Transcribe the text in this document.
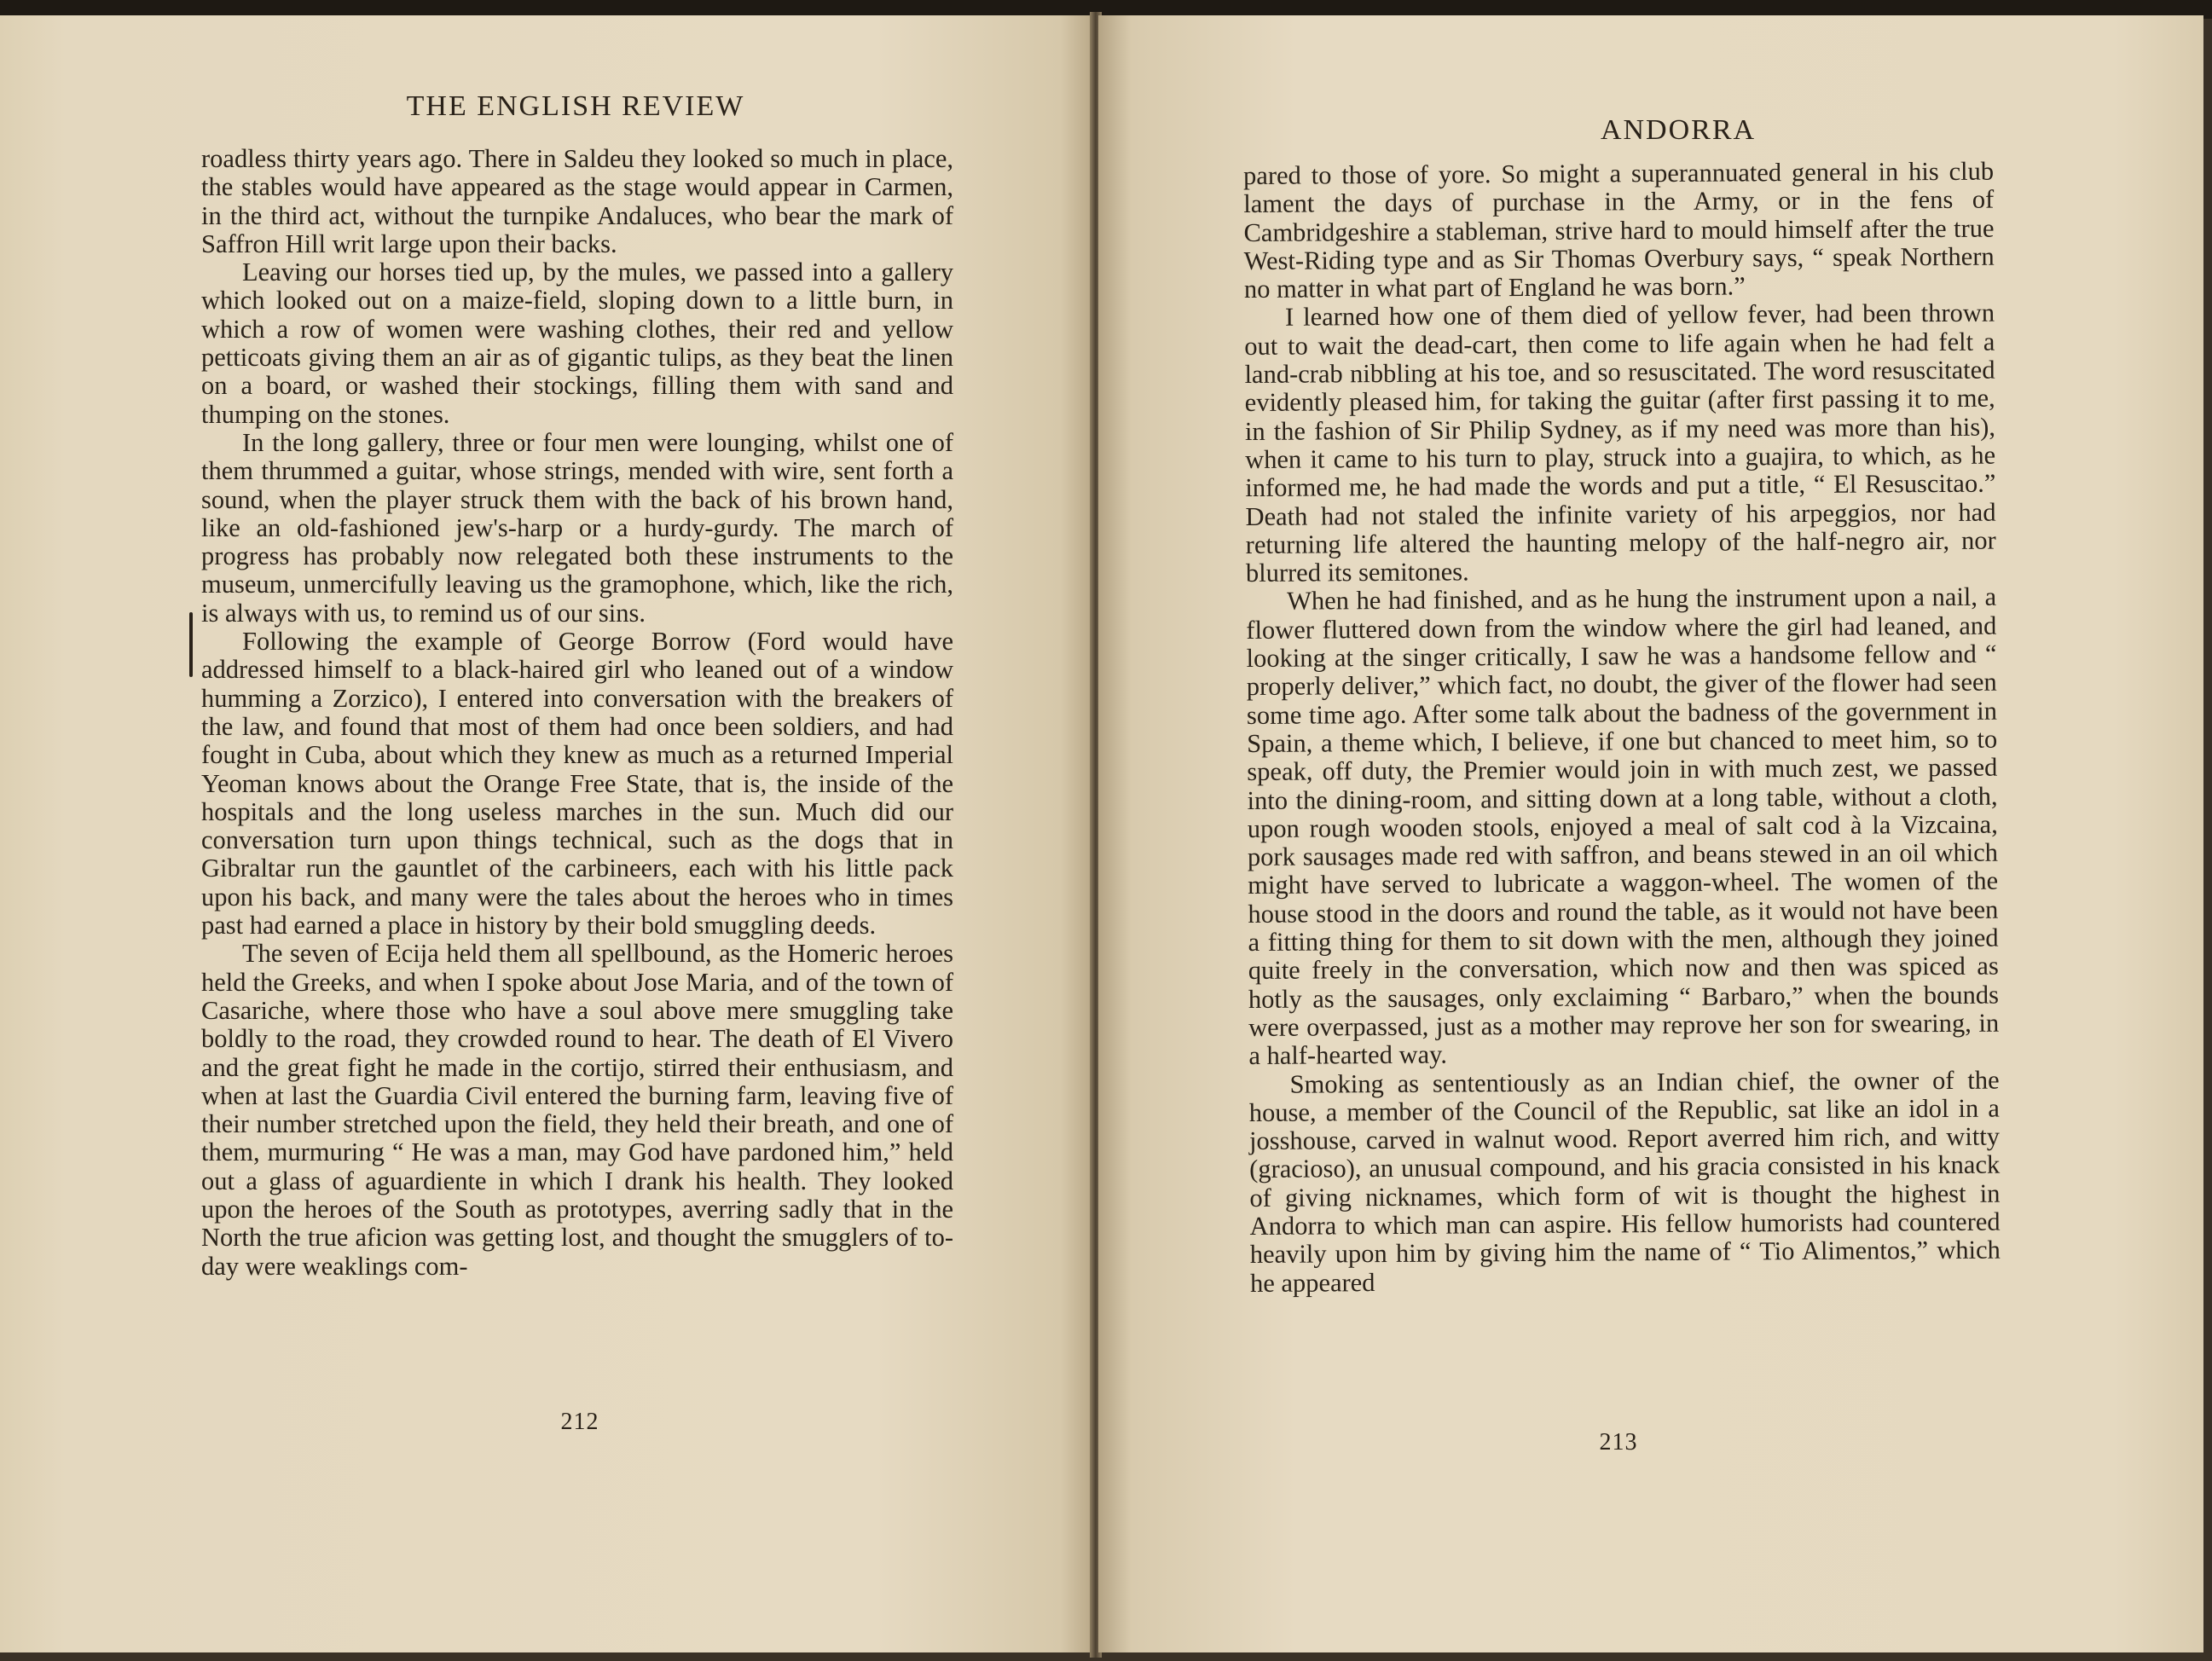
THE ENGLISH REVIEW

roadless thirty years ago. There in Saldeu they looked so much in place, the stables would have appeared as the stage would appear in Carmen, in the third act, without the turnpike Andaluces, who bear the mark of Saffron Hill writ large upon their backs.

Leaving our horses tied up, by the mules, we passed into a gallery which looked out on a maize-field, sloping down to a little burn, in which a row of women were washing clothes, their red and yellow petticoats giving them an air as of gigantic tulips, as they beat the linen on a board, or washed their stockings, filling them with sand and thumping on the stones.

In the long gallery, three or four men were lounging, whilst one of them thrummed a guitar, whose strings, mended with wire, sent forth a sound, when the player struck them with the back of his brown hand, like an old-fashioned jew's-harp or a hurdy-gurdy. The march of progress has probably now relegated both these instruments to the museum, unmercifully leaving us the gramophone, which, like the rich, is always with us, to remind us of our sins.

Following the example of George Borrow (Ford would have addressed himself to a black-haired girl who leaned out of a window humming a Zorzico), I entered into conversation with the breakers of the law, and found that most of them had once been soldiers, and had fought in Cuba, about which they knew as much as a returned Imperial Yeoman knows about the Orange Free State, that is, the inside of the hospitals and the long useless marches in the sun. Much did our conversation turn upon things technical, such as the dogs that in Gibraltar run the gauntlet of the carbineers, each with his little pack upon his back, and many were the tales about the heroes who in times past had earned a place in history by their bold smuggling deeds.

The seven of Ecija held them all spellbound, as the Homeric heroes held the Greeks, and when I spoke about Jose Maria, and of the town of Casariche, where those who have a soul above mere smuggling take boldly to the road, they crowded round to hear. The death of El Vivero and the great fight he made in the cortijo, stirred their enthusiasm, and when at last the Guardia Civil entered the burning farm, leaving five of their number stretched upon the field, they held their breath, and one of them, murmuring “ He was a man, may God have pardoned him,” held out a glass of aguardiente in which I drank his health. They looked upon the heroes of the South as prototypes, averring sadly that in the North the true aficion was getting lost, and thought the smugglers of to-day were weaklings com-

212
ANDORRA

pared to those of yore. So might a superannuated general in his club lament the days of purchase in the Army, or in the fens of Cambridgeshire a stableman, strive hard to mould himself after the true West-Riding type and as Sir Thomas Overbury says, “ speak Northern no matter in what part of England he was born.”

I learned how one of them died of yellow fever, had been thrown out to wait the dead-cart, then come to life again when he had felt a land-crab nibbling at his toe, and so resuscitated. The word resuscitated evidently pleased him, for taking the guitar (after first passing it to me, in the fashion of Sir Philip Sydney, as if my need was more than his), when it came to his turn to play, struck into a guajira, to which, as he informed me, he had made the words and put a title, “ El Resuscitao.” Death had not staled the infinite variety of his arpeggios, nor had returning life altered the haunting melopy of the half-negro air, nor blurred its semitones.

When he had finished, and as he hung the instrument upon a nail, a flower fluttered down from the window where the girl had leaned, and looking at the singer critically, I saw he was a handsome fellow and “ properly deliver,” which fact, no doubt, the giver of the flower had seen some time ago. After some talk about the badness of the government in Spain, a theme which, I believe, if one but chanced to meet him, so to speak, off duty, the Premier would join in with much zest, we passed into the dining-room, and sitting down at a long table, without a cloth, upon rough wooden stools, enjoyed a meal of salt cod à la Vizcaina, pork sausages made red with saffron, and beans stewed in an oil which might have served to lubricate a waggon-wheel. The women of the house stood in the doors and round the table, as it would not have been a fitting thing for them to sit down with the men, although they joined quite freely in the conversation, which now and then was spiced as hotly as the sausages, only exclaiming “ Barbaro,” when the bounds were overpassed, just as a mother may reprove her son for swearing, in a half-hearted way.

Smoking as sententiously as an Indian chief, the owner of the house, a member of the Council of the Republic, sat like an idol in a josshouse, carved in walnut wood. Report averred him rich, and witty (gracioso), an unusual compound, and his gracia consisted in his knack of giving nicknames, which form of wit is thought the highest in Andorra to which man can aspire. His fellow humorists had countered heavily upon him by giving him the name of “ Tio Alimentos,” which he appeared

213
